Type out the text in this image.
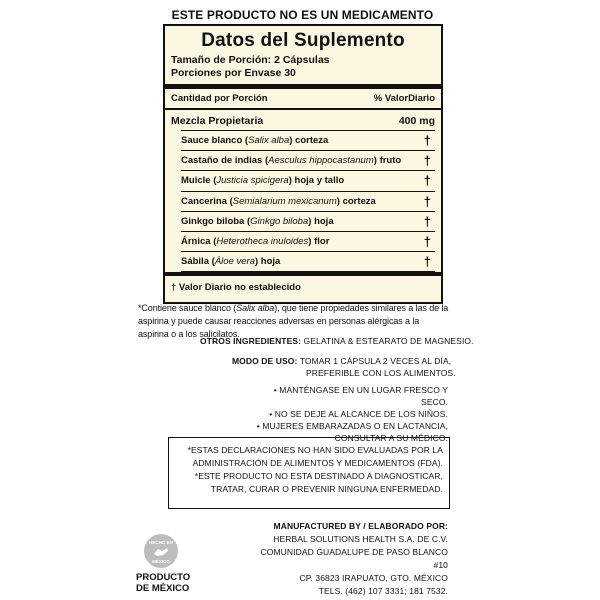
ESTE PRODUCTO NO ES UN MEDICAMENTO
Datos del Suplemento
Tamaño de Porción: 2 Cápsulas
Porciones por Envase 30
Cantidad por Porción	% ValorDiario
Mezcla Propietaria	400 mg
Sauce blanco (Salix alba) corteza	†
Castaño de indias (Aesculus hippocastanum) fruto †
Muicle (Justicia spicigera) hoja y tallo	†
Cancerina (Semialarium mexicanum) corteza	†
Ginkgo biloba (Ginkgo biloba) hoja	†
Árnica (Heterotheca inuloides) flor	†
Sábila (Áloe vera) hoja	†
† Valor Diario no establecido
*Contiene sauce blanco (Salix alba), que tiene propiedades similares a las de la aspirina y puede causar reacciones adversas en personas alérgicas a la aspirina o a los salicilatos.
OTROS INGREDIENTES: GELATINA & ESTEARATO DE MAGNESIO.
MODO DE USO: TOMAR 1 CÁPSULA 2 VECES AL DÍA,
PREFERIBLE CON LOS ALIMENTOS.
• MANTÉNGASE EN UN LUGAR FRESCO Y SECO.
• NO SE DEJE AL ALCANCE DE LOS NIÑOS.
• MUJERES EMBARAZADAS O EN LACTANCIA,
CONSULTAR A SU MÉDICO.
*ESTAS DECLARACIONES NO HAN SIDO EVALUADAS POR LA
ADMINISTRACIÓN DE ALIMENTOS Y MEDICAMENTOS (FDA).
*ESTE PRODUCTO NO ESTA DESTINADO A DIAGNOSTICAR,
TRATAR, CURAR O PREVENIR NINGUNA ENFERMEDAD.
HECHO EN
MÉXICO
PRODUCTO
DE MÉXICO
MANUFACTURED BY / ELABORADO POR:
HERBAL SOLUTIONS HEALTH S.A. DE C.V.
COMUNIDAD GUADALUPE DE PASO BLANCO #10
CP. 36823 IRAPUATO, GTO. MÉXICO
TELS. (462) 107 3331; 181 7532.
